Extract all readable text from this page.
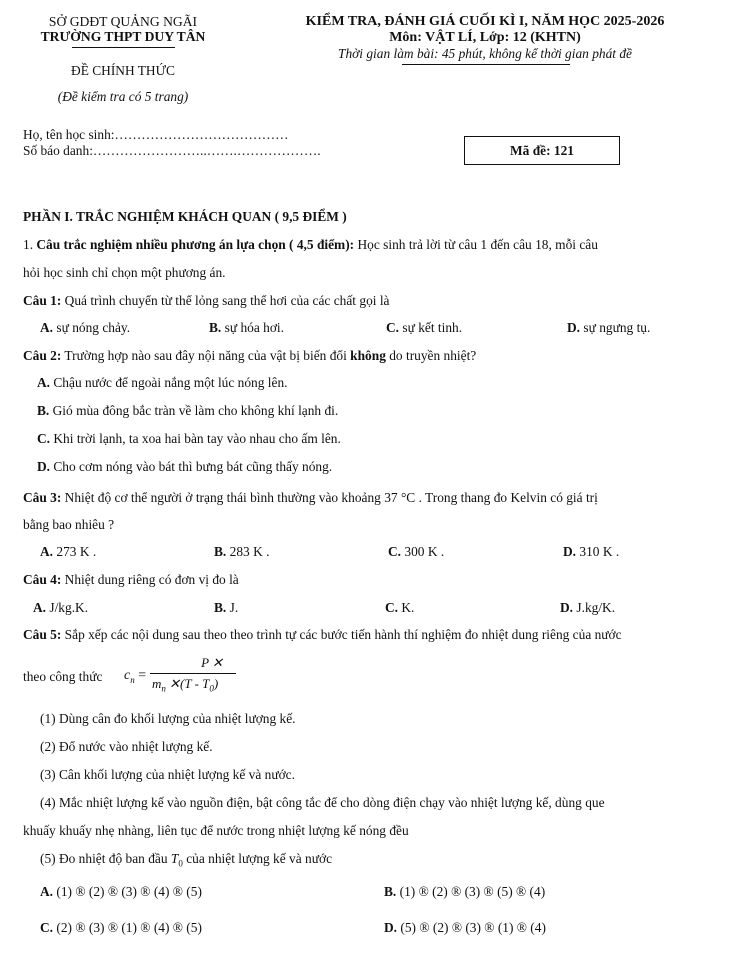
SỞ GDĐT QUẢNG NGÃI
TRƯỜNG THPT DUY TÂN
ĐỀ CHÍNH THỨC
(Đề kiểm tra có 5 trang)
KIỂM TRA, ĐÁNH GIÁ CUỐI KÌ I, NĂM HỌC 2025-2026
Môn: VẬT LÍ, Lớp: 12 (KHTN)
Thời gian làm bài: 45 phút, không kể thời gian phát đề
Họ, tên học sinh:…………………………………
Số báo danh:……………………..…….……………….	Mã đề: 121
PHẦN I. TRẮC NGHIỆM KHÁCH QUAN ( 9,5 ĐIỂM )
1. Câu trắc nghiệm nhiều phương án lựa chọn ( 4,5 điểm): Học sinh trả lời từ câu 1 đến câu 18, mỗi câu
hỏi học sinh chỉ chọn một phương án.
Câu 1: Quá trình chuyển từ thể lỏng sang thể hơi của các chất gọi là
A. sự nóng chảy.	B. sự hóa hơi.	C. sự kết tinh.	D. sự ngưng tụ.
Câu 2: Trường hợp nào sau đây nội năng của vật bị biến đổi không do truyền nhiệt?
A. Chậu nước để ngoài nắng một lúc nóng lên.
B. Gió mùa đông bắc tràn về làm cho không khí lạnh đi.
C. Khi trời lạnh, ta xoa hai bàn tay vào nhau cho ấm lên.
D. Cho cơm nóng vào bát thì bưng bát cũng thấy nóng.
Câu 3: Nhiệt độ cơ thể người ở trạng thái bình thường vào khoảng 37 °C . Trong thang đo Kelvin có giá trị
bằng bao nhiêu ?
A. 273 K .	B. 283 K .	C. 300 K .	D. 310 K .
Câu 4: Nhiệt dung riêng có đơn vị đo là
A. J/kg.K.	B. J.	C. K.	D. J.kg/K.
Câu 5: Sắp xếp các nội dung sau theo theo trình tự các bước tiến hành thí nghiệm đo nhiệt dung riêng của nước
theo công thức $c_n$ =
P ✕
$m_n$ ✕(T - $T_0$)
(1) Dùng cân đo khối lượng của nhiệt lượng kế.
(2) Đổ nước vào nhiệt lượng kế.
(3) Cân khối lượng của nhiệt lượng kế và nước.
(4) Mắc nhiệt lượng kế vào nguồn điện, bật công tắc để cho dòng điện chạy vào nhiệt lượng kế, dùng que
khuấy khuấy nhẹ nhàng, liên tục để nước trong nhiệt lượng kế nóng đều
(5) Đo nhiệt độ ban đầu $T_0$ của nhiệt lượng kế và nước
A. (1) ® (2) ® (3) ® (4) ® (5)	B. (1) ® (2) ® (3) ® (5) ® (4)
C. (2) ® (3) ® (1) ® (4) ® (5)	D. (5) ® (2) ® (3) ® (1) ® (4)
